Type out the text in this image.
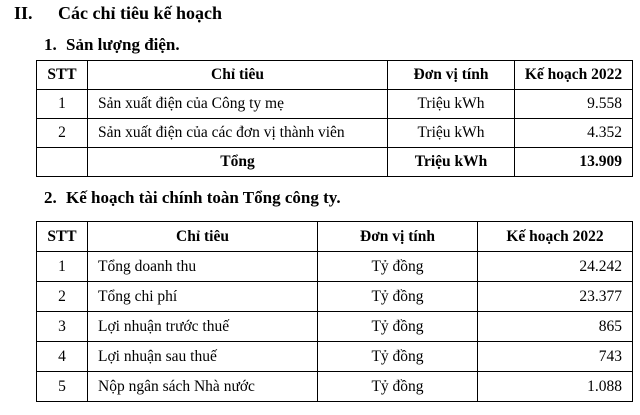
II. Các chỉ tiêu kế hoạch
1. Sản lượng điện.
STT	Chỉ tiêu	Đơn vị tính	Kế hoạch 2022
1	Sản xuất điện của Công ty mẹ	Triệu kWh	9.558
2	Sản xuất điện của các đơn vị thành viên	Triệu kWh	4.352
	Tổng	Triệu kWh	13.909
2. Kế hoạch tài chính toàn Tổng công ty.
STT	Chỉ tiêu	Đơn vị tính	Kế hoạch 2022
1	Tổng doanh thu	Tỷ đồng	24.242
2	Tổng chi phí	Tỷ đồng	23.377
3	Lợi nhuận trước thuế	Tỷ đồng	865
4	Lợi nhuận sau thuế	Tỷ đồng	743
5	Nộp ngân sách Nhà nước	Tỷ đồng	1.088
